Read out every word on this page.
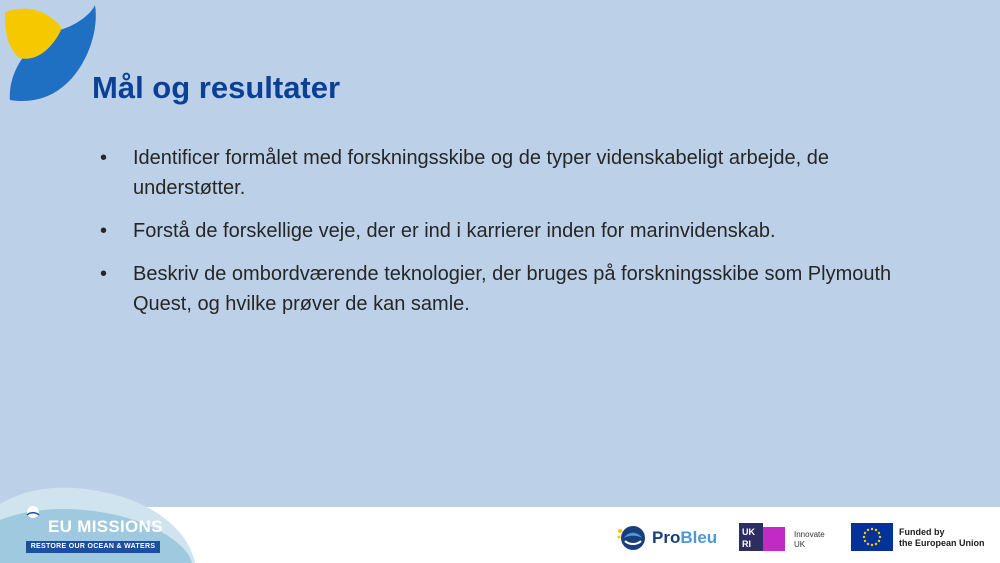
Mål og resultater
• Identificer formålet med forskningsskibe og de typer videnskabeligt arbejde, de understøtter.
• Forstå de forskellige veje, der er ind i karrierer inden for marinvidenskab.
• Beskriv de ombordværende teknologier, der bruges på forskningsskibe som Plymouth Quest, og hvilke prøver de kan samle.
EU MISSIONS
RESTORE OUR OCEAN & WATERS	ProBleu	UK
RI
Innovate
UK
Funded by
the European Union
